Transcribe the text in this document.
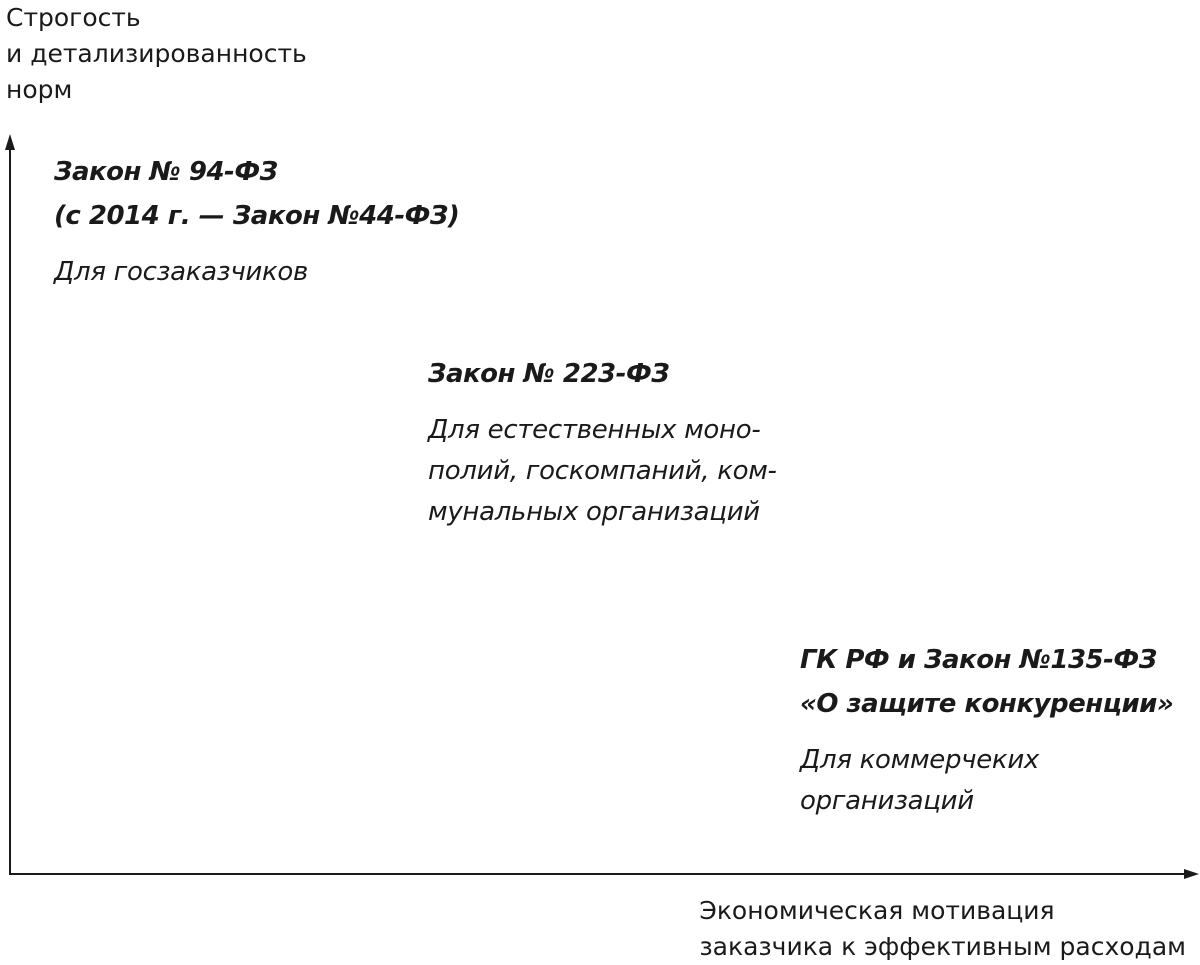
Строгость
и детализированность
норм
Закон № 94-ФЗ
(с 2014 г. — Закон №44-ФЗ)
Для госзаказчиков
Закон № 223-ФЗ
Для естественных моно-
полий, госкомпаний, ком-
мунальных организаций
ГК РФ и Закон №135-ФЗ
«О защите конкуренции»
Для коммерчеких
организаций
Экономическая мотивация
заказчика к эффективным расходам
